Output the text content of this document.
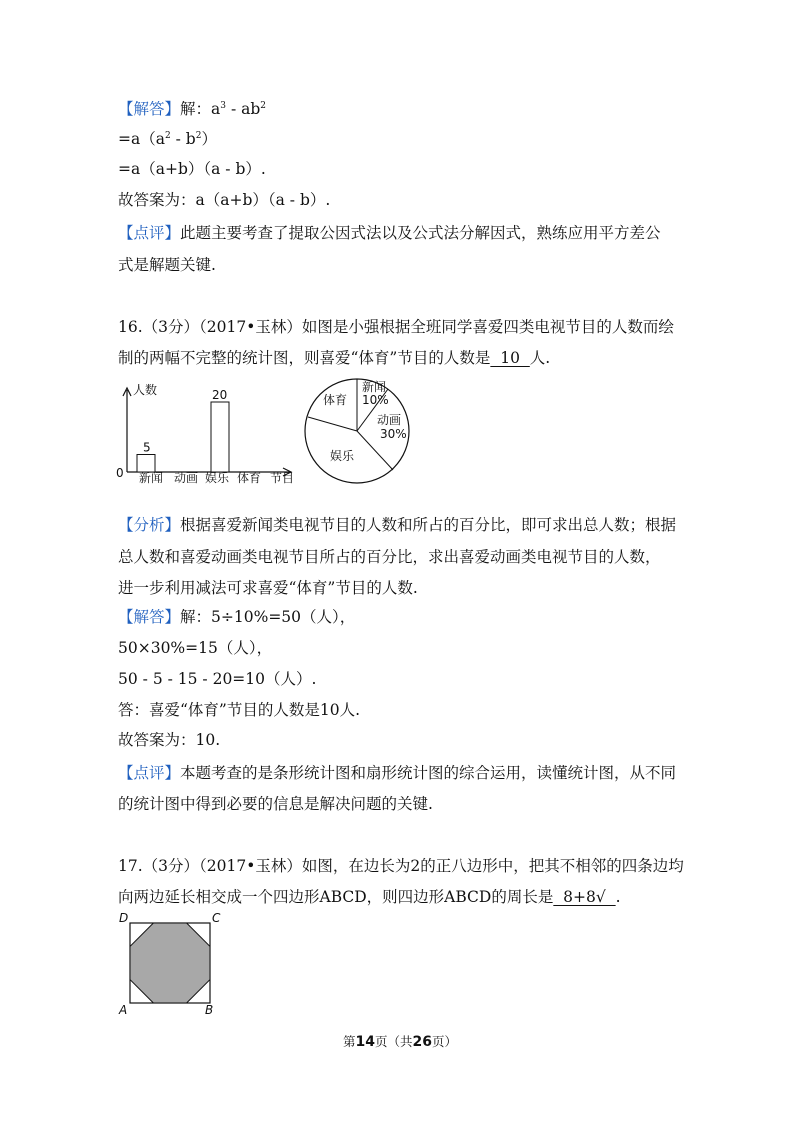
【解答】解：$a^3 - ab^2$
$=a(a^2 - b^2)$
=a（a+b）（a - b）.
故答案为：a（a+b）（a - b）.
【点评】此题主要考查了提取公因式法以及公式法分解因式，熟练应用平方差公
式是解题关键.
16.（3分）（2017•玉林）如图是小强根据全班同学喜爱四类电视节目的人数而绘
制的两幅不完整的统计图，则喜爱“体育”节目的人数是  10  人.
人数
节目
0
5
20
新闻 动画 娱乐 体育
新闻
10%
动画
30%
娱乐
体育
【分析】根据喜爱新闻类电视节目的人数和所占的百分比，即可求出总人数；根据
总人数和喜爱动画类电视节目所占的百分比，求出喜爱动画类电视节目的人数，
进一步利用减法可求喜爱“体育”节目的人数.
【解答】解：5÷10%=50（人），
50×30%=15（人），
50 - 5 - 15 - 20=10（人）.
答：喜爱“体育”节目的人数是10人.
故答案为：10.
【点评】本题考查的是条形统计图和扇形统计图的综合运用，读懂统计图，从不同
的统计图中得到必要的信息是解决问题的关键.
17.（3分）（2017•玉林）如图，在边长为2的正八边形中，把其不相邻的四条边均
向两边延长相交成一个四边形ABCD，则四边形ABCD的周长是  8+8√  .
D	C
A	B
第14页（共26页）
